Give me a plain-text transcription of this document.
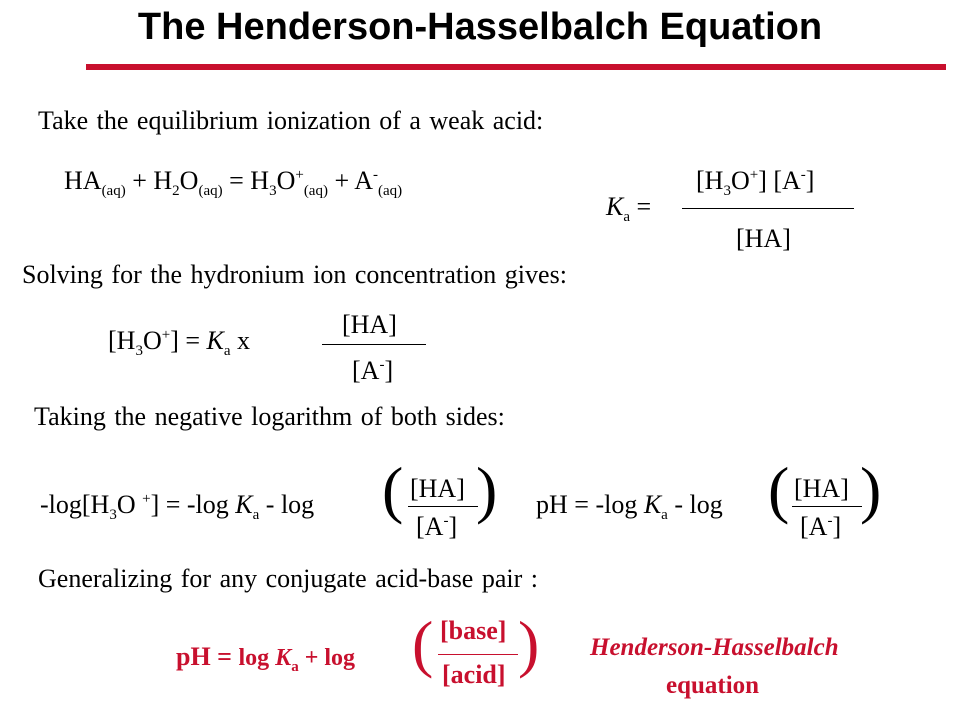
The Henderson-Hasselbalch Equation
Take the equilibrium ionization of a weak acid:
$HA_{(aq)} + H_2O_{(aq)} = H_3O^+_{(aq)} + A^-_{(aq)}$
$K_a$ =
$[H_3O^+]$ [A-]
[HA]
Solving for the hydronium ion concentration gives:
$[H_3O^+] = K_a$ x
[HA]
[A-]
Taking the negative logarithm of both sides:
$-\log[H_3O$ +] = -log $K_a$ - log ( [HA]
[A-]
) pH = -log $K_a$ - log ( [HA]
[A-]
)
Generalizing for any conjugate acid-base pair :
pH = $\log K_a + \log$ ( [base]
[acid] ) Henderson-Hasselbalch
equation
